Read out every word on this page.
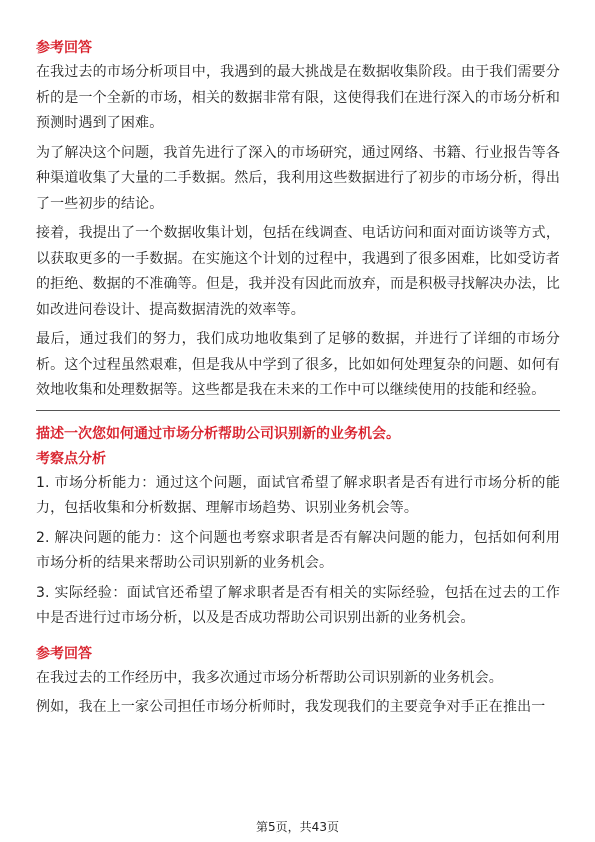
参考回答

在我过去的市场分析项目中，我遇到的最大挑战是在数据收集阶段。由于我们需要分析的是一个全新的市场，相关的数据非常有限，这使得我们在进行深入的市场分析和预测时遇到了困难。

为了解决这个问题，我首先进行了深入的市场研究，通过网络、书籍、行业报告等各种渠道收集了大量的二手数据。然后，我利用这些数据进行了初步的市场分析，得出了一些初步的结论。

接着，我提出了一个数据收集计划，包括在线调查、电话访问和面对面访谈等方式，以获取更多的一手数据。在实施这个计划的过程中，我遇到了很多困难，比如受访者的拒绝、数据的不准确等。但是，我并没有因此而放弃，而是积极寻找解决办法，比如改进问卷设计、提高数据清洗的效率等。

最后，通过我们的努力，我们成功地收集到了足够的数据，并进行了详细的市场分析。这个过程虽然艰难，但是我从中学到了很多，比如如何处理复杂的问题、如何有效地收集和处理数据等。这些都是我在未来的工作中可以继续使用的技能和经验。

描述一次您如何通过市场分析帮助公司识别新的业务机会。
考察点分析

1. 市场分析能力：通过这个问题，面试官希望了解求职者是否有进行市场分析的能力，包括收集和分析数据、理解市场趋势、识别业务机会等。

2. 解决问题的能力：这个问题也考察求职者是否有解决问题的能力，包括如何利用市场分析的结果来帮助公司识别新的业务机会。

3. 实际经验：面试官还希望了解求职者是否有相关的实际经验，包括在过去的工作中是否进行过市场分析，以及是否成功帮助公司识别出新的业务机会。

参考回答

在我过去的工作经历中，我多次通过市场分析帮助公司识别新的业务机会。

例如，我在上一家公司担任市场分析师时，我发现我们的主要竞争对手正在推出一

第5页，共43页
